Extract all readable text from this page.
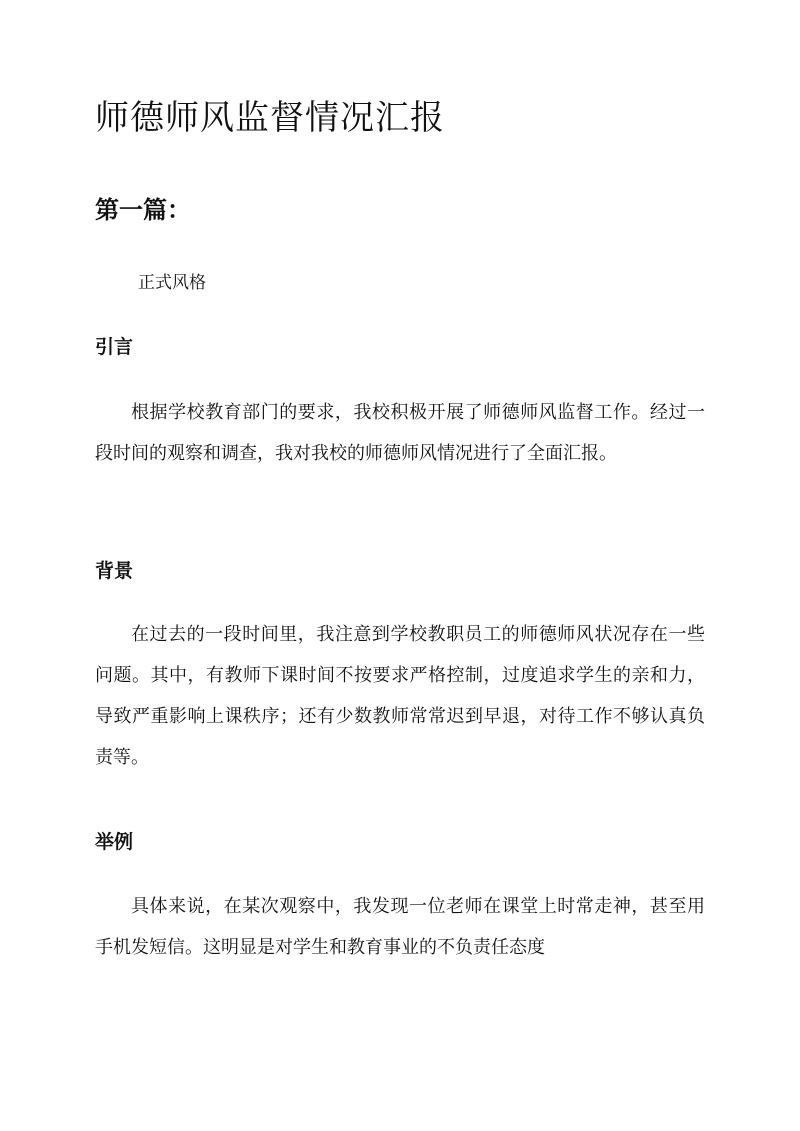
师德师风监督情况汇报
第一篇：
正式风格
引言

根据学校教育部门的要求，我校积极开展了师德师风监督工作。经过一段时间的观察和调查，我对我校的师德师风情况进行了全面汇报。

背景

在过去的一段时间里，我注意到学校教职员工的师德师风状况存在一些问题。其中，有教师下课时间不按要求严格控制，过度追求学生的亲和力，导致严重影响上课秩序；还有少数教师常常迟到早退，对待工作不够认真负责等。

举例

具体来说，在某次观察中，我发现一位老师在课堂上时常走神，甚至用手机发短信。这明显是对学生和教育事业的不负责任态度
